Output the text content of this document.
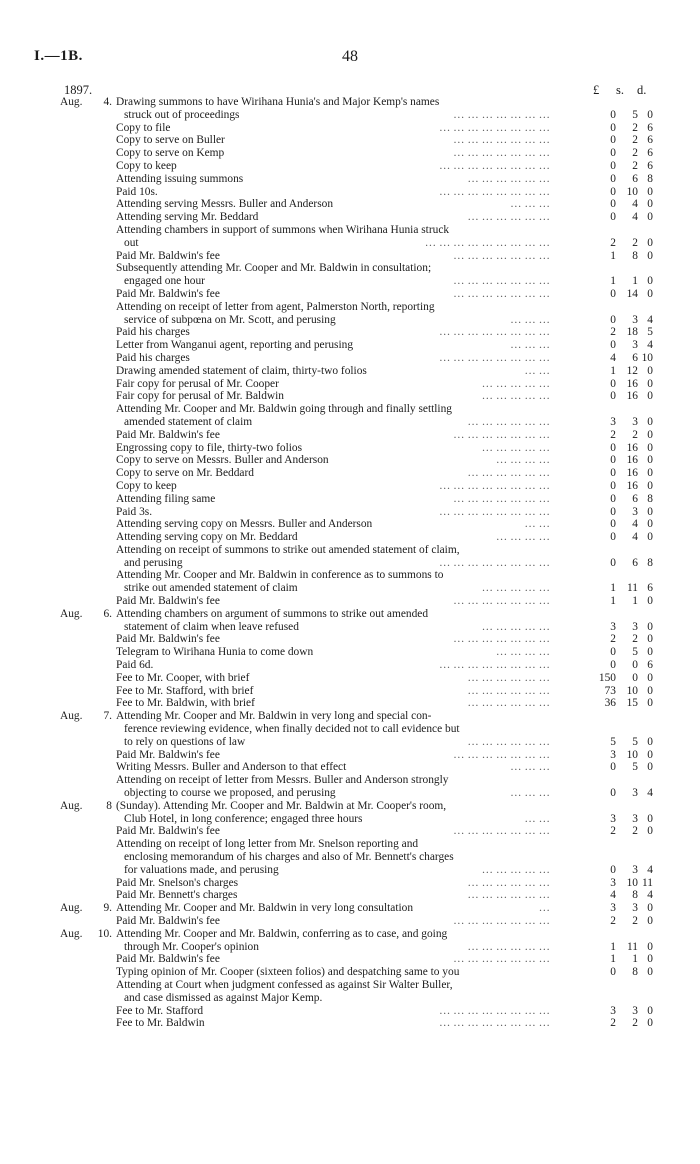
I.—1B.	48
1897.	£ s. d.
Aug.	4. Drawing summons to have Wirihana Hunia's and Major Kemp's names
struck out of proceedings	0 5 0
… … … … … … …
Copy to file	0 2 6
… … … … … … … …
Copy to serve on Buller	0 2 6
… … … … … … …
Copy to serve on Kemp	0 2 6
… … … … … … …
Copy to keep	0 2 6
… … … … … … … …
Attending issuing summons	0 6 8
… … … … … …
Paid 10s.	0 10 0
… … … … … … … …
Attending serving Messrs. Buller and Anderson	0 4 0
… … …
Attending serving Mr. Beddard	0 4 0
… … … … … …
Attending chambers in support of summons when Wirihana Hunia struck
out	2 2 0
… … … … … … … … …
Paid Mr. Baldwin's fee	1 8 0
… … … … … … …
Subsequently attending Mr. Cooper and Mr. Baldwin in consultation;
engaged one hour	1 1 0
… … … … … … …
Paid Mr. Baldwin's fee	0 14 0
… … … … … … …
Attending on receipt of letter from agent, Palmerston North, reporting
service of subpœna on Mr. Scott, and perusing	0 3 4
… … …
Paid his charges	2 18 5
… … … … … … … …
Letter from Wanganui agent, reporting and perusing	0 3 4
… … …
Paid his charges	4 6 10
… … … … … … … …
Drawing amended statement of claim, thirty-two folios	1 12 0
… …
Fair copy for perusal of Mr. Cooper	0 16 0
… … … … …
Fair copy for perusal of Mr. Baldwin	0 16 0
… … … … …
Attending Mr. Cooper and Mr. Baldwin going through and finally settling
amended statement of claim	3 3 0
… … … … … …
Paid Mr. Baldwin's fee	2 2 0
… … … … … … …
Engrossing copy to file, thirty-two folios	0 16 0
… … … … …
Copy to serve on Messrs. Buller and Anderson	0 16 0
… … … …
Copy to serve on Mr. Beddard	0 16 0
… … … … … …
Copy to keep	0 16 0
… … … … … … … …
Attending filing same	0 6 8
… … … … … … …
Paid 3s.	0 3 0
… … … … … … … …
Attending serving copy on Messrs. Buller and Anderson	0 4 0
… …
Attending serving copy on Mr. Beddard	0 4 0
… … … …
Attending on receipt of summons to strike out amended statement of claim,
and perusing	0 6 8
… … … … … … … …
Attending Mr. Cooper and Mr. Baldwin in conference as to summons to
strike out amended statement of claim	1 11 6
… … … … …
Paid Mr. Baldwin's fee	1 1 0
… … … … … … …
Aug.	6. Attending chambers on argument of summons to strike out amended
statement of claim when leave refused	3 3 0
… … … … …
Paid Mr. Baldwin's fee	2 2 0
… … … … … … …
Telegram to Wirihana Hunia to come down	0 5 0
… … … …
Paid 6d.	0 0 6
… … … … … … … …
Fee to Mr. Cooper, with brief	150 0 0
… … … … … …
Fee to Mr. Stafford, with brief	73 10 0
… … … … … …
Fee to Mr. Baldwin, with brief	36 15 0
… … … … … …
Aug.	7. Attending Mr. Cooper and Mr. Baldwin in very long and special con-
ference reviewing evidence, when finally decided not to call evidence but
to rely on questions of law	5 5 0
… … … … … …
Paid Mr. Baldwin's fee	3 10 0
… … … … … … …
Writing Messrs. Buller and Anderson to that effect	0 5 0
… … …
Attending on receipt of letter from Messrs. Buller and Anderson strongly
objecting to course we proposed, and perusing	0 3 4
… … …
Aug.	8 (Sunday). Attending Mr. Cooper and Mr. Baldwin at Mr. Cooper's room,
Club Hotel, in long conference; engaged three hours	3 3 0
… …
Paid Mr. Baldwin's fee	2 2 0
… … … … … … …
Attending on receipt of long letter from Mr. Snelson reporting and
enclosing memorandum of his charges and also of Mr. Bennett's charges
for valuations made, and perusing	0 3 4
… … … … …
Paid Mr. Snelson's charges	3 10 11
… … … … … …
Paid Mr. Bennett's charges	4 8 4
… … … … … …
Aug.	9. Attending Mr. Cooper and Mr. Baldwin in very long consultation	3 3 0
…
Paid Mr. Baldwin's fee	2 2 0
… … … … … … …
Aug.	10. Attending Mr. Cooper and Mr. Baldwin, conferring as to case, and going
through Mr. Cooper's opinion	1 11 0
… … … … … …
Paid Mr. Baldwin's fee	1 1 0
… … … … … … …
Typing opinion of Mr. Cooper (sixteen folios) and despatching same to you	0 8 0
Attending at Court when judgment confessed as against Sir Walter Buller,
and case dismissed as against Major Kemp.
Fee to Mr. Stafford	3 3 0
… … … … … … … …
Fee to Mr. Baldwin	2 2 0
… … … … … … … …
